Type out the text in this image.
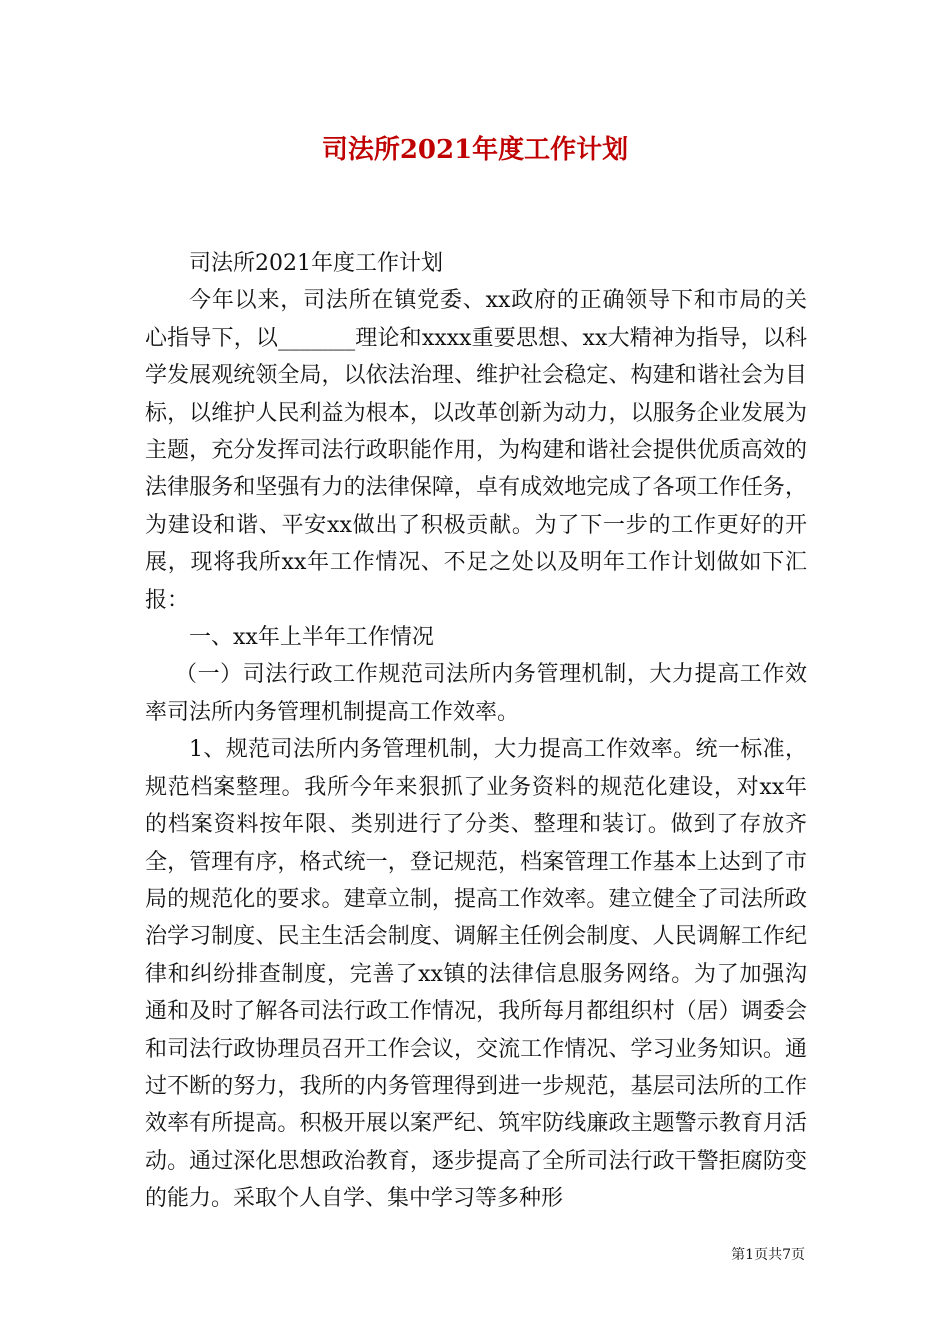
司法所2021年度工作计划

司法所2021年度工作计划

今年以来，司法所在镇党委、xx政府的正确领导下和市局的关心指导下，以_______理论和xxxx重要思想、xx大精神为指导，以科学发展观统领全局，以依法治理、维护社会稳定、构建和谐社会为目标，以维护人民利益为根本，以改革创新为动力，以服务企业发展为主题，充分发挥司法行政职能作用，为构建和谐社会提供优质高效的法律服务和坚强有力的法律保障，卓有成效地完成了各项工作任务，为建设和谐、平安xx做出了积极贡献。为了下一步的工作更好的开展，现将我所xx年工作情况、不足之处以及明年工作计划做如下汇报：

一、xx年上半年工作情况

（一）司法行政工作规范司法所内务管理机制，大力提高工作效率司法所内务管理机制提高工作效率。

1、规范司法所内务管理机制，大力提高工作效率。统一标准，规范档案整理。我所今年来狠抓了业务资料的规范化建设，对xx年的档案资料按年限、类别进行了分类、整理和装订。做到了存放齐全，管理有序，格式统一，登记规范，档案管理工作基本上达到了市局的规范化的要求。建章立制，提高工作效率。建立健全了司法所政治学习制度、民主生活会制度、调解主任例会制度、人民调解工作纪律和纠纷排查制度，完善了xx镇的法律信息服务网络。为了加强沟通和及时了解各司法行政工作情况，我所每月都组织村（居）调委会和司法行政协理员召开工作会议，交流工作情况、学习业务知识。通过不断的努力，我所的内务管理得到进一步规范，基层司法所的工作效率有所提高。积极开展以案严纪、筑牢防线廉政主题警示教育月活动。通过深化思想政治教育，逐步提高了全所司法行政干警拒腐防变的能力。采取个人自学、集中学习等多种形

第1页共7页
